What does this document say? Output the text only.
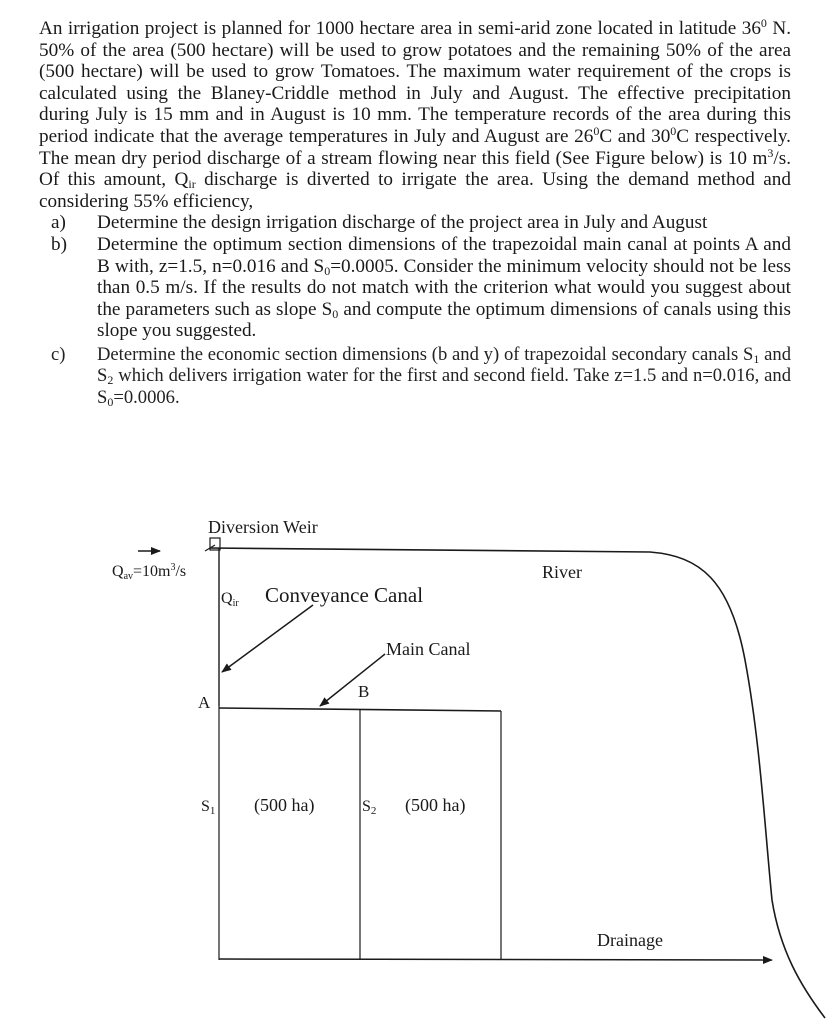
An irrigation project is planned for 1000 hectare area in semi-arid zone located in latitude $36^0$ N. 50% of the area (500 hectare) will be used to grow potatoes and the remaining 50% of the area (500 hectare) will be used to grow Tomatoes. The maximum water requirement of the crops is calculated using the Blaney-Criddle method in July and August. The effective precipitation during July is 15 mm and in August is 10 mm. The temperature records of the area during this period indicate that the average temperatures in July and August are $26^0C$ and $30^0C$ respectively. The mean dry period discharge of a stream flowing near this field (See Figure below) is 10 $m^3/s$. Of this amount, $Q_{ir}$ discharge is diverted to irrigate the area. Using the demand method and considering 55% efficiency,

a) Determine the design irrigation discharge of the project area in July and August
b) Determine the optimum section dimensions of the trapezoidal main canal at points A and B with, z=1.5, n=0.016 and $S_0=0.0005$. Consider the minimum velocity should not be less than 0.5 m/s. If the results do not match with the criterion what would you suggest about the parameters such as slope $S_0$ and compute the optimum dimensions of canals using this slope you suggested.
c) Determine the economic section dimensions (b and y) of trapezoidal secondary canals $S_1$ and $S_2$ which delivers irrigation water for the first and second field. Take z=1.5 and n=0.016, and $S_0=0.0006$.
Diversion Weir
$Qav=10m^3/s$	River
Qir Conveyance Canal
Main Canal
B
A
S1 (500 ha)	S2 (500 ha)
Drainage
